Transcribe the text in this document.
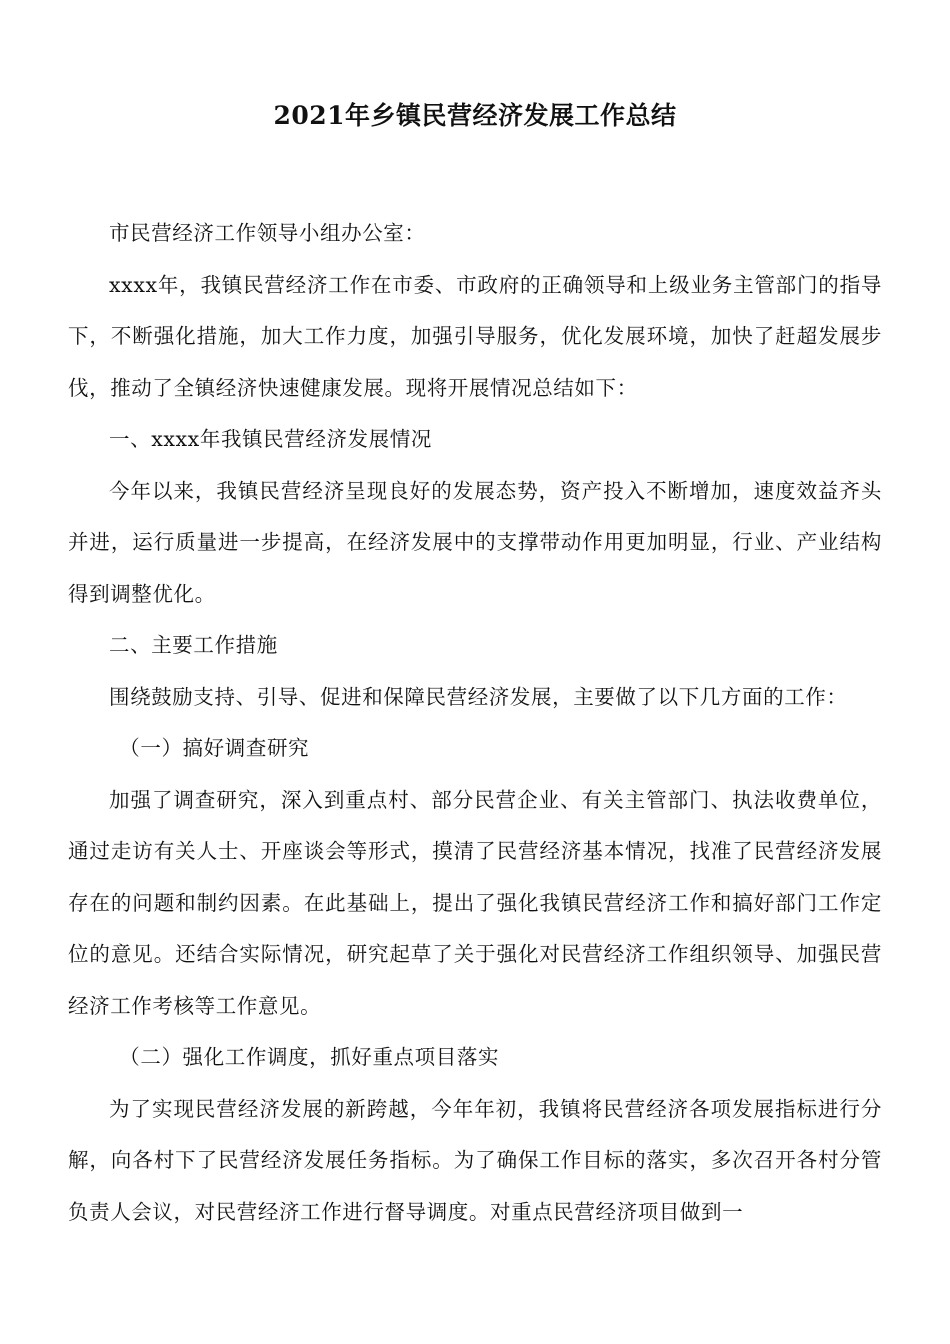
2021年乡镇民营经济发展工作总结

市民营经济工作领导小组办公室：

xxxx年，我镇民营经济工作在市委、市政府的正确领导和上级业务主管部门的指导下，不断强化措施，加大工作力度，加强引导服务，优化发展环境，加快了赶超发展步伐，推动了全镇经济快速健康发展。现将开展情况总结如下：

一、xxxx年我镇民营经济发展情况

今年以来，我镇民营经济呈现良好的发展态势，资产投入不断增加，速度效益齐头并进，运行质量进一步提高，在经济发展中的支撑带动作用更加明显，行业、产业结构得到调整优化。

二、主要工作措施

围绕鼓励支持、引导、促进和保障民营经济发展，主要做了以下几方面的工作：

（一）搞好调查研究

加强了调查研究，深入到重点村、部分民营企业、有关主管部门、执法收费单位，通过走访有关人士、开座谈会等形式，摸清了民营经济基本情况，找准了民营经济发展存在的问题和制约因素。在此基础上，提出了强化我镇民营经济工作和搞好部门工作定位的意见。还结合实际情况，研究起草了关于强化对民营经济工作组织领导、加强民营经济工作考核等工作意见。

（二）强化工作调度，抓好重点项目落实

为了实现民营经济发展的新跨越，今年年初，我镇将民营经济各项发展指标进行分解，向各村下了民营经济发展任务指标。为了确保工作目标的落实，多次召开各村分管负责人会议，对民营经济工作进行督导调度。对重点民营经济项目做到一
